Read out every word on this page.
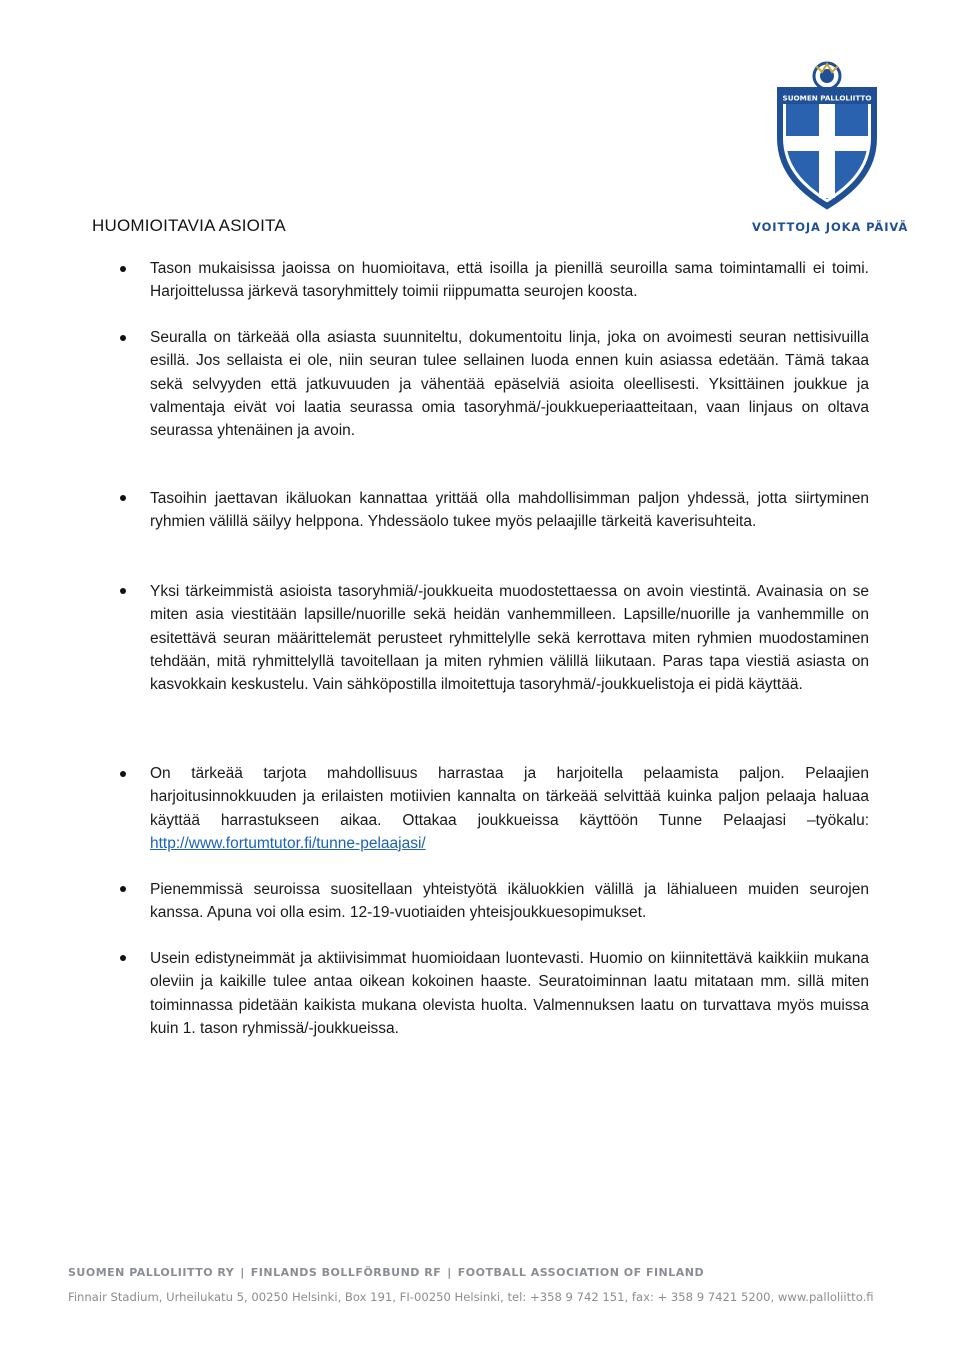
SUOMEN PALLOLIITTO
VOITTOJA JOKA PÄIVÄ
HUOMIOITAVIA ASIOITA

Tason mukaisissa jaoissa on huomioitava, että isoilla ja pienillä seuroilla sama toimintamalli ei toimi. Harjoittelussa järkevä tasoryhmittely toimii riippumatta seurojen koosta.

Seuralla on tärkeää olla asiasta suunniteltu, dokumentoitu linja, joka on avoimesti seuran nettisivuilla esillä. Jos sellaista ei ole, niin seuran tulee sellainen luoda ennen kuin asiassa edetään. Tämä takaa sekä selvyyden että jatkuvuuden ja vähentää epäselviä asioita oleellisesti. Yksittäinen joukkue ja valmentaja eivät voi laatia seurassa omia tasoryhmä/-joukkueperiaatteitaan, vaan linjaus on oltava seurassa yhtenäinen ja avoin.

Tasoihin jaettavan ikäluokan kannattaa yrittää olla mahdollisimman paljon yhdessä, jotta siirtyminen ryhmien välillä säilyy helppona. Yhdessäolo tukee myös pelaajille tärkeitä kaverisuhteita.

Yksi tärkeimmistä asioista tasoryhmiä/-joukkueita muodostettaessa on avoin viestintä. Avainasia on se miten asia viestitään lapsille/nuorille sekä heidän vanhemmilleen. Lapsille/nuorille ja vanhemmille on esitettävä seuran määrittelemät perusteet ryhmittelylle sekä kerrottava miten ryhmien muodostaminen tehdään, mitä ryhmittelyllä tavoitellaan ja miten ryhmien välillä liikutaan. Paras tapa viestiä asiasta on kasvokkain keskustelu. Vain sähköpostilla ilmoitettuja tasoryhmä/-joukkuelistoja ei pidä käyttää.

On tärkeää tarjota mahdollisuus harrastaa ja harjoitella pelaamista paljon. Pelaajien harjoitusinnokkuuden ja erilaisten motiivien kannalta on tärkeää selvittää kuinka paljon pelaaja haluaa käyttää harrastukseen aikaa. Ottakaa joukkueissa käyttöön Tunne Pelaajasi –työkalu: http://www.fortumtutor.fi/tunne-pelaajasi/

Pienemmissä seuroissa suositellaan yhteistyötä ikäluokkien välillä ja lähialueen muiden seurojen kanssa. Apuna voi olla esim. 12-19-vuotiaiden yhteisjoukkuesopimukset.

Usein edistyneimmät ja aktiivisimmat huomioidaan luontevasti. Huomio on kiinnitettävä kaikkiin mukana oleviin ja kaikille tulee antaa oikean kokoinen haaste. Seuratoiminnan laatu mitataan mm. sillä miten toiminnassa pidetään kaikista mukana olevista huolta. Valmennuksen laatu on turvattava myös muissa kuin 1. tason ryhmissä/-joukkueissa.

SUOMEN PALLOLIITTO RY | FINLANDS BOLLFÖRBUND RF | FOOTBALL ASSOCIATION OF FINLAND
Finnair Stadium, Urheilukatu 5, 00250 Helsinki, Box 191, FI-00250 Helsinki, tel: +358 9 742 151, fax: + 358 9 7421 5200, www.palloliitto.fi
